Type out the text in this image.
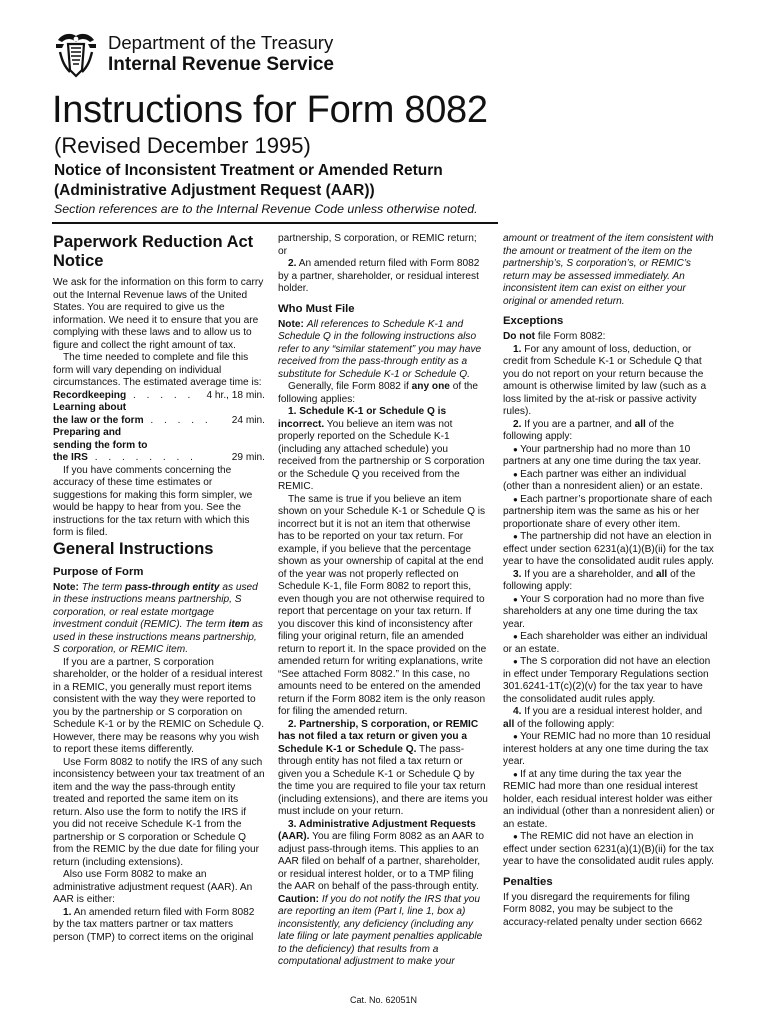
Department of the Treasury
Internal Revenue Service
Instructions for Form 8082
(Revised December 1995)
Notice of Inconsistent Treatment or Amended Return (Administrative Adjustment Request (AAR))
Section references are to the Internal Revenue Code unless otherwise noted.
Paperwork Reduction Act Notice

We ask for the information on this form to carry out the Internal Revenue laws of the United States. You are required to give us the information. We need it to ensure that you are complying with these laws and to allow us to figure and collect the right amount of tax.

The time needed to complete and file this form will vary depending on individual circumstances. The estimated average time is:

Recordkeeping . . . . . 4 hr., 18 min.
Learning about
the law or the form . . . . . 24 min.
Preparing and
sending the form to
the IRS . . . . . . . .	29 min.

If you have comments concerning the accuracy of these time estimates or suggestions for making this form simpler, we would be happy to hear from you. See the instructions for the tax return with which this form is filed.

General Instructions
Purpose of Form

Note: The term pass-through entity as used in these instructions means partnership, S corporation, or real estate mortgage investment conduit (REMIC). The term item as used in these instructions means partnership, S corporation, or REMIC item.

If you are a partner, S corporation shareholder, or the holder of a residual interest in a REMIC, you generally must report items consistent with the way they were reported to you by the partnership or S corporation on Schedule K-1 or by the REMIC on Schedule Q. However, there may be reasons why you wish to report these items differently.

Use Form 8082 to notify the IRS of any such inconsistency between your tax treatment of an item and the way the pass-through entity treated and reported the same item on its return. Also use the form to notify the IRS if you did not receive Schedule K-1 from the partnership or S corporation or Schedule Q from the REMIC by the due date for filing your return (including extensions).

Also use Form 8082 to make an administrative adjustment request (AAR). An AAR is either:

1. An amended return filed with Form 8082 by the tax matters partner or tax matters person (TMP) to correct items on the original

partnership, S corporation, or REMIC return; or

2. An amended return filed with Form 8082 by a partner, shareholder, or residual interest holder.

Who Must File

Note: All references to Schedule K-1 and Schedule Q in the following instructions also refer to any “similar statement” you may have received from the pass-through entity as a substitute for Schedule K-1 or Schedule Q.

Generally, file Form 8082 if any one of the following applies:

1. Schedule K-1 or Schedule Q is incorrect. You believe an item was not properly reported on the Schedule K-1 (including any attached schedule) you received from the partnership or S corporation or the Schedule Q you received from the REMIC.

The same is true if you believe an item shown on your Schedule K-1 or Schedule Q is incorrect but it is not an item that otherwise has to be reported on your tax return. For example, if you believe that the percentage shown as your ownership of capital at the end of the year was not properly reflected on Schedule K-1, file Form 8082 to report this, even though you are not otherwise required to report that percentage on your tax return. If you discover this kind of inconsistency after filing your original return, file an amended return to report it. In the space provided on the amended return for writing explanations, write “See attached Form 8082.” In this case, no amounts need to be entered on the amended return if the Form 8082 item is the only reason for filing the amended return.

2. Partnership, S corporation, or REMIC has not filed a tax return or given you a Schedule K-1 or Schedule Q. The pass-through entity has not filed a tax return or given you a Schedule K-1 or Schedule Q by the time you are required to file your tax return (including extensions), and there are items you must include on your return.

3. Administrative Adjustment Requests (AAR). You are filing Form 8082 as an AAR to adjust pass-through items. This applies to an AAR filed on behalf of a partner, shareholder, or residual interest holder, or to a TMP filing the AAR on behalf of the pass-through entity.

Caution: If you do not notify the IRS that you are reporting an item (Part I, line 1, box a) inconsistently, any deficiency (including any late filing or late payment penalties applicable to the deficiency) that results from a computational adjustment to make your

amount or treatment of the item consistent with the amount or treatment of the item on the partnership’s, S corporation’s, or REMIC’s return may be assessed immediately. An inconsistent item can exist on either your original or amended return.

Exceptions

Do not file Form 8082:

1. For any amount of loss, deduction, or credit from Schedule K-1 or Schedule Q that you do not report on your return because the amount is otherwise limited by law (such as a loss limited by the at-risk or passive activity rules).

2. If you are a partner, and all of the following apply:

● Your partnership had no more than 10 partners at any one time during the tax year.

● Each partner was either an individual (other than a nonresident alien) or an estate.

● Each partner’s proportionate share of each partnership item was the same as his or her proportionate share of every other item.

● The partnership did not have an election in effect under section 6231(a)(1)(B)(ii) for the tax year to have the consolidated audit rules apply.

3. If you are a shareholder, and all of the following apply:

● Your S corporation had no more than five shareholders at any one time during the tax year.

● Each shareholder was either an individual or an estate.

● The S corporation did not have an election in effect under Temporary Regulations section 301.6241-1T(c)(2)(v) for the tax year to have the consolidated audit rules apply.

4. If you are a residual interest holder, and all of the following apply:

● Your REMIC had no more than 10 residual interest holders at any one time during the tax year.

● If at any time during the tax year the REMIC had more than one residual interest holder, each residual interest holder was either an individual (other than a nonresident alien) or an estate.

● The REMIC did not have an election in effect under section 6231(a)(1)(B)(ii) for the tax year to have the consolidated audit rules apply.

Penalties

If you disregard the requirements for filing Form 8082, you may be subject to the accuracy-related penalty under section 6662

Cat. No. 62051N
